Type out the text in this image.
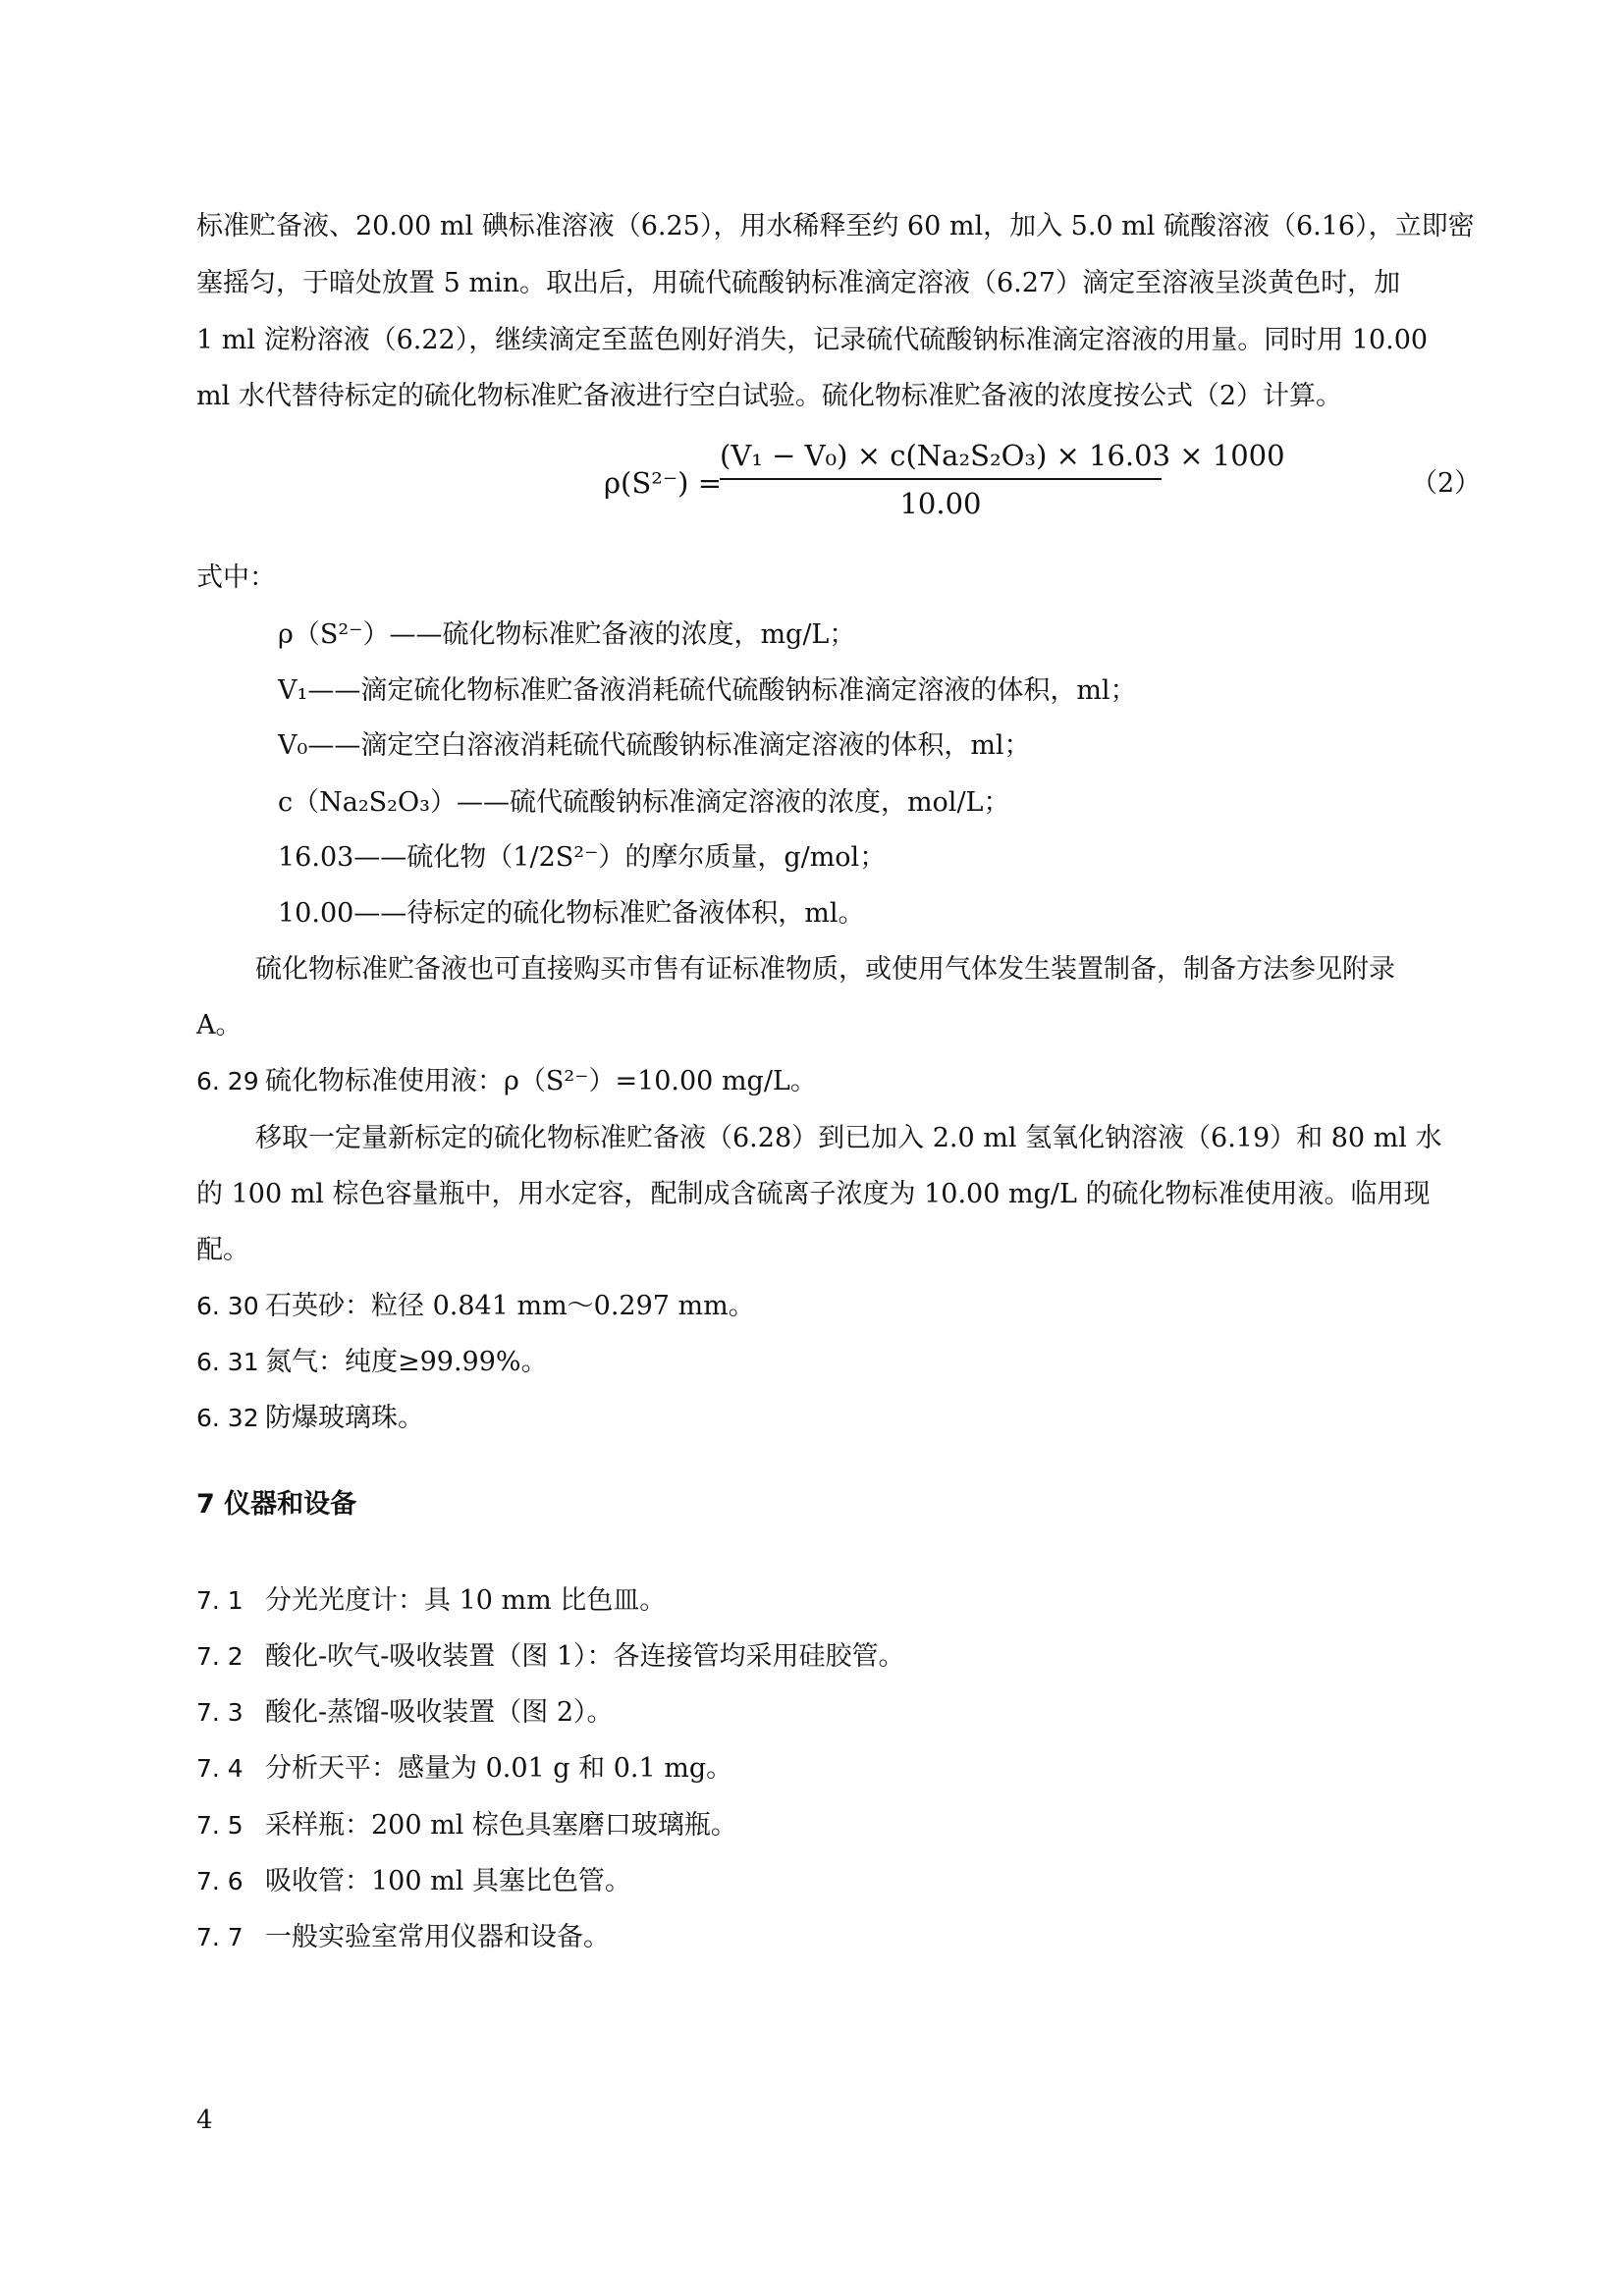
标准贮备液、20.00 ml 碘标准溶液（6.25），用水稀释至约 60 ml，加入 5.0 ml 硫酸溶液（6.16），立即密
塞摇匀，于暗处放置 5 min。取出后，用硫代硫酸钠标准滴定溶液（6.27）滴定至溶液呈淡黄色时，加
1 ml 淀粉溶液（6.22），继续滴定至蓝色刚好消失，记录硫代硫酸钠标准滴定溶液的用量。同时用 10.00
ml 水代替待标定的硫化物标准贮备液进行空白试验。硫化物标准贮备液的浓度按公式（2）计算。
ρ(S²⁻) =
(V₁ − V₀) × c(Na₂S₂O₃) × 16.03 × 1000
10.00
（2）
式中：
ρ（S²⁻）——硫化物标准贮备液的浓度，mg/L；
V₁——滴定硫化物标准贮备液消耗硫代硫酸钠标准滴定溶液的体积，ml；
V₀——滴定空白溶液消耗硫代硫酸钠标准滴定溶液的体积，ml；
c（Na₂S₂O₃）——硫代硫酸钠标准滴定溶液的浓度，mol/L；
16.03——硫化物（1/2S²⁻）的摩尔质量，g/mol；
10.00——待标定的硫化物标准贮备液体积，ml。
硫化物标准贮备液也可直接购买市售有证标准物质，或使用气体发生装置制备，制备方法参见附录
A。
6. 29 硫化物标准使用液：ρ（S²⁻）=10.00 mg/L。
移取一定量新标定的硫化物标准贮备液（6.28）到已加入 2.0 ml 氢氧化钠溶液（6.19）和 80 ml 水
的 100 ml 棕色容量瓶中，用水定容，配制成含硫离子浓度为 10.00 mg/L 的硫化物标准使用液。临用现
配。
6. 30 石英砂：粒径 0.841 mm～0.297 mm。
6. 31 氮气：纯度≥99.99%。
6. 32 防爆玻璃珠。
7 仪器和设备
7. 1 分光光度计：具 10 mm 比色皿。
7. 2 酸化-吹气-吸收装置（图 1）：各连接管均采用硅胶管。
7. 3 酸化-蒸馏-吸收装置（图 2）。
7. 4 分析天平：感量为 0.01 g 和 0.1 mg。
7. 5 采样瓶：200 ml 棕色具塞磨口玻璃瓶。
7. 6 吸收管：100 ml 具塞比色管。
7. 7 一般实验室常用仪器和设备。
4
